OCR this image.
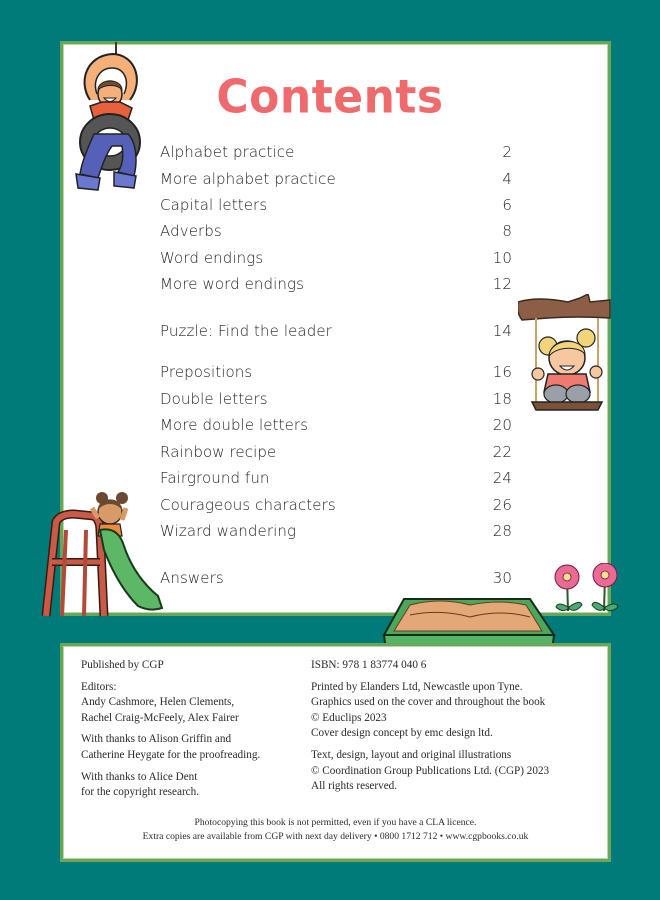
Contents
Alphabet practice	2
More alphabet practice	4
Capital letters	6
Adverbs	8
Word endings	10
More word endings	12
Puzzle: Find the leader	14
Prepositions	16
Double letters	18
More double letters	20
Rainbow recipe	22
Fairground fun	24
Courageous characters	26
Wizard wandering	28
Answers	30

Published by CGP

Editors:
Andy Cashmore, Helen Clements,
Rachel Craig-McFeely, Alex Fairer

With thanks to Alison Griffin and
Catherine Heygate for the proofreading.

With thanks to Alice Dent
for the copyright research.

ISBN: 978 1 83774 040 6

Printed by Elanders Ltd, Newcastle upon Tyne.
Graphics used on the cover and throughout the book
© Educlips 2023
Cover design concept by emc design ltd.

Text, design, layout and original illustrations
© Coordination Group Publications Ltd. (CGP) 2023
All rights reserved.

Photocopying this book is not permitted, even if you have a CLA licence.
Extra copies are available from CGP with next day delivery • 0800 1712 712 • www.cgpbooks.co.uk
